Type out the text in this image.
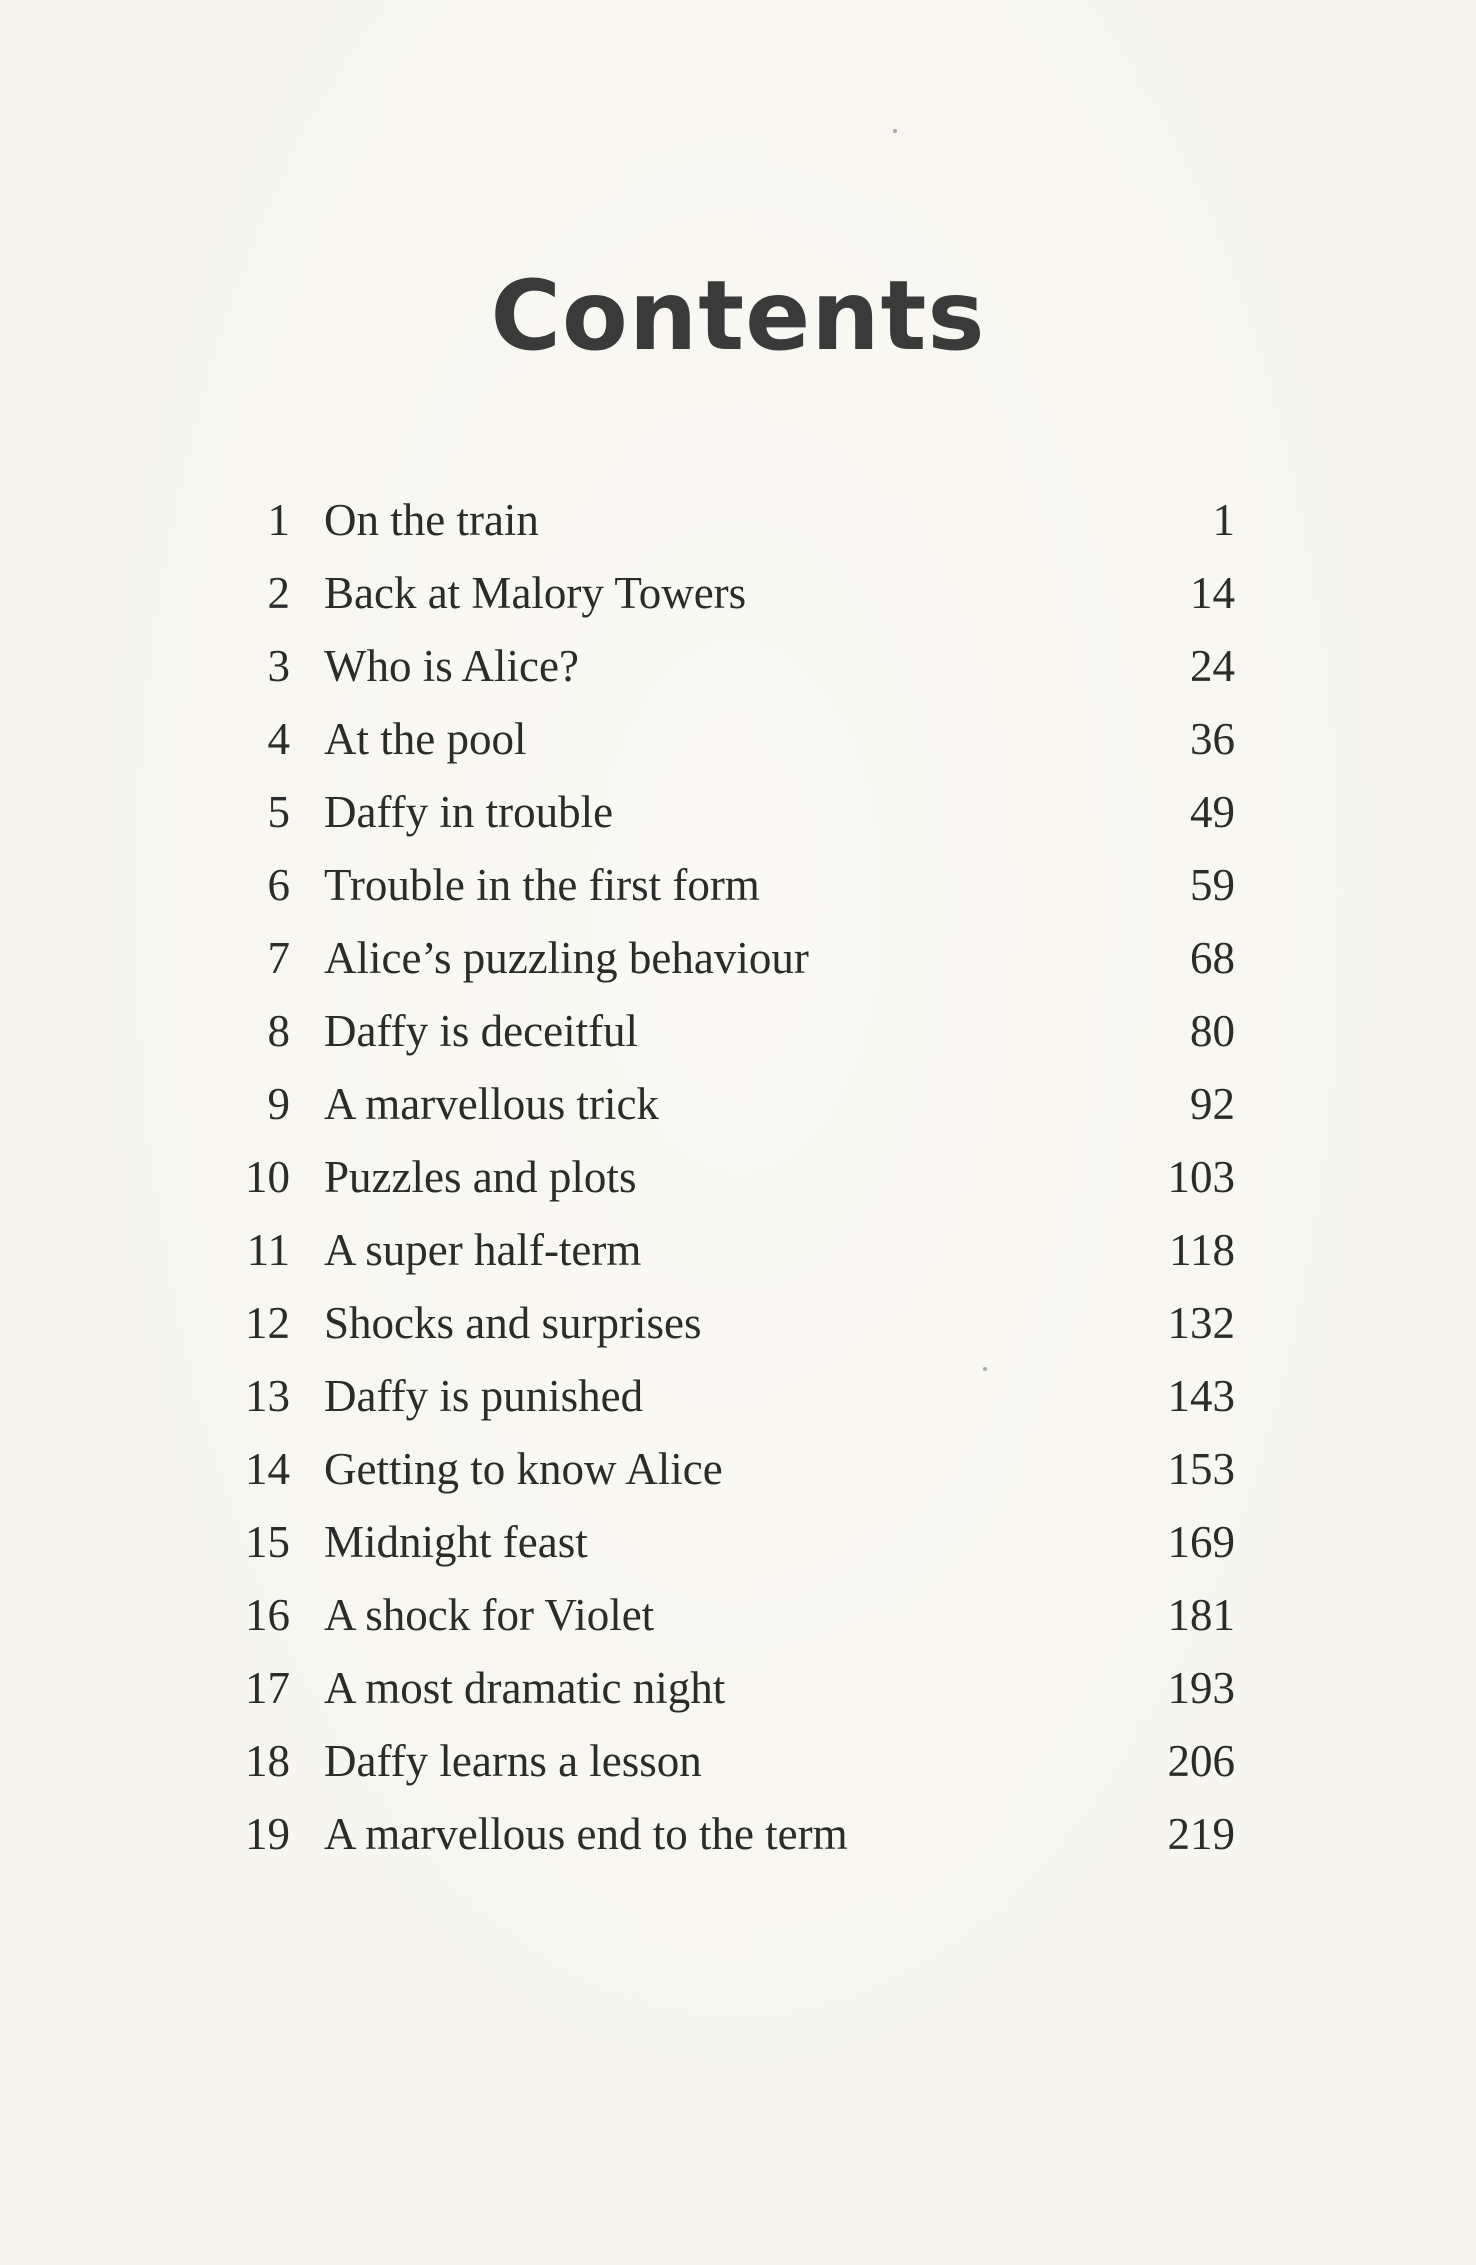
Contents
1 On the train	1
2 Back at Malory Towers	14
3 Who is Alice?	24
4 At the pool	36
5 Daffy in trouble	49
6 Trouble in the first form	59
7 Alice’s puzzling behaviour	68
8 Daffy is deceitful	80
9 A marvellous trick	92
10 Puzzles and plots	103
11 A super half-term	118
12 Shocks and surprises	132
13 Daffy is punished	143
14 Getting to know Alice	153
15 Midnight feast	169
16 A shock for Violet	181
17 A most dramatic night	193
18 Daffy learns a lesson	206
19 A marvellous end to the term	219
